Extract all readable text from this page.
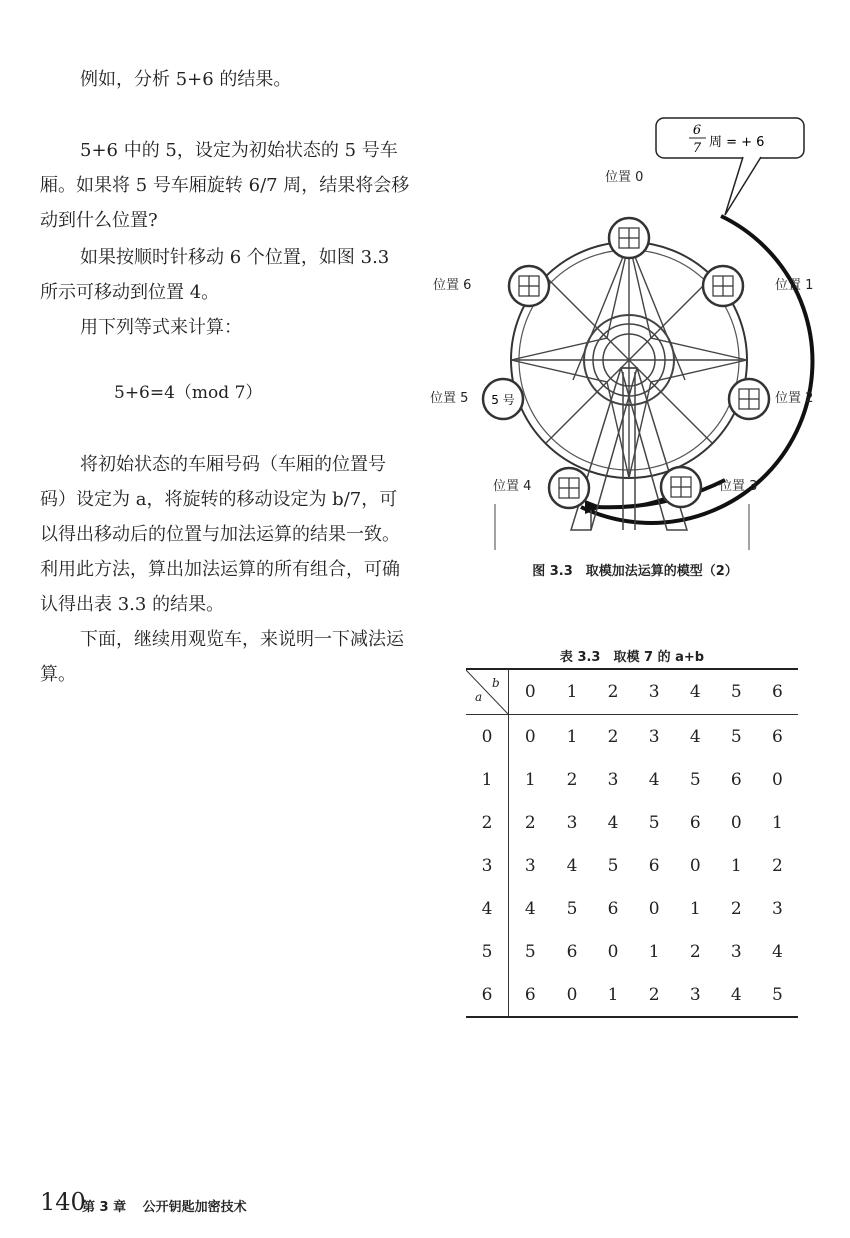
例如，分析 5+6 的结果。

5+6 中的 5，设定为初始状态的 5 号车厢。如果将 5 号车厢旋转 6/7 周，结果将会移动到什么位置?

如果按顺时针移动 6 个位置，如图 3.3 所示可移动到位置 4。

用下列等式来计算：

5+6=4（mod 7）

将初始状态的车厢号码（车厢的位置号码）设定为 a，将旋转的移动设定为 b/7，可以得出移动后的位置与加法运算的结果一致。利用此方法，算出加法运算的所有组合，可确认得出表 3.3 的结果。

下面，继续用观览车，来说明一下减法运算。

6
7 周 = + 6
5 号
位置 0
位置 1
位置 2
位置 3
位置 4
位置 5
位置 6
图 3.3　取模加法运算的模型（2）
表 3.3　取模 7 的 a+b
a
b	0	1	2	3	4	5	6
0	0	1	2	3	4	5	6
1	1	2	3	4	5	6	0
2	2	3	4	5	6	0	1
3	3	4	5	6	0	1	2
4	4	5	6	0	1	2	3
5	5	6	0	1	2	3	4
6	6	0	1	2	3	4	5
140
第 3 章 公开钥匙加密技术
